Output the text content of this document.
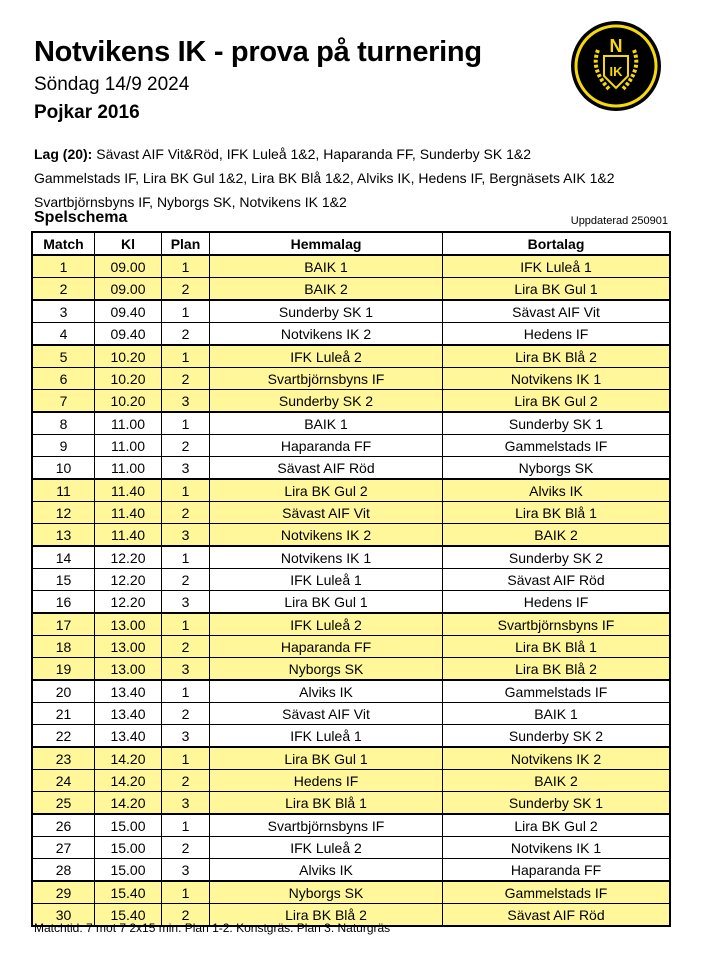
Notvikens IK - prova på turnering
Söndag 14/9 2024
Pojkar 2016
N
IK
Lag (20): Sävast AIF Vit&Röd, IFK Luleå 1&2, Haparanda FF, Sunderby SK 1&2
Gammelstads IF, Lira BK Gul 1&2, Lira BK Blå 1&2, Alviks IK, Hedens IF, Bergnäsets AIK 1&2
Svartbjörnsbyns IF, Nyborgs SK, Notvikens IK 1&2
Spelschema	Uppdaterad 250901
Match	Kl	Plan	Hemmalag	Bortalag
1	09.00	1	BAIK 1	IFK Luleå 1
2	09.00	2	BAIK 2	Lira BK Gul 1
3	09.40	1	Sunderby SK 1	Sävast AIF Vit
4	09.40	2	Notvikens IK 2	Hedens IF
5	10.20	1	IFK Luleå 2	Lira BK Blå 2
6	10.20	2	Svartbjörnsbyns IF	Notvikens IK 1
7	10.20	3	Sunderby SK 2	Lira BK Gul 2
8	11.00	1	BAIK 1	Sunderby SK 1
9	11.00	2	Haparanda FF	Gammelstads IF
10	11.00	3	Sävast AIF Röd	Nyborgs SK
11	11.40	1	Lira BK Gul 2	Alviks IK
12	11.40	2	Sävast AIF Vit	Lira BK Blå 1
13	11.40	3	Notvikens IK 2	BAIK 2
14	12.20	1	Notvikens IK 1	Sunderby SK 2
15	12.20	2	IFK Luleå 1	Sävast AIF Röd
16	12.20	3	Lira BK Gul 1	Hedens IF
17	13.00	1	IFK Luleå 2	Svartbjörnsbyns IF
18	13.00	2	Haparanda FF	Lira BK Blå 1
19	13.00	3	Nyborgs SK	Lira BK Blå 2
20	13.40	1	Alviks IK	Gammelstads IF
21	13.40	2	Sävast AIF Vit	BAIK 1
22	13.40	3	IFK Luleå 1	Sunderby SK 2
23	14.20	1	Lira BK Gul 1	Notvikens IK 2
24	14.20	2	Hedens IF	BAIK 2
25	14.20	3	Lira BK Blå 1	Sunderby SK 1
26	15.00	1	Svartbjörnsbyns IF	Lira BK Gul 2
27	15.00	2	IFK Luleå 2	Notvikens IK 1
28	15.00	3	Alviks IK	Haparanda FF
29	15.40	1	Nyborgs SK	Gammelstads IF
30	15.40	2	Lira BK Blå 2	Sävast AIF Röd
Matchtid: 7 mot 7 2x15 min. Plan 1-2: Konstgräs. Plan 3: Naturgräs
